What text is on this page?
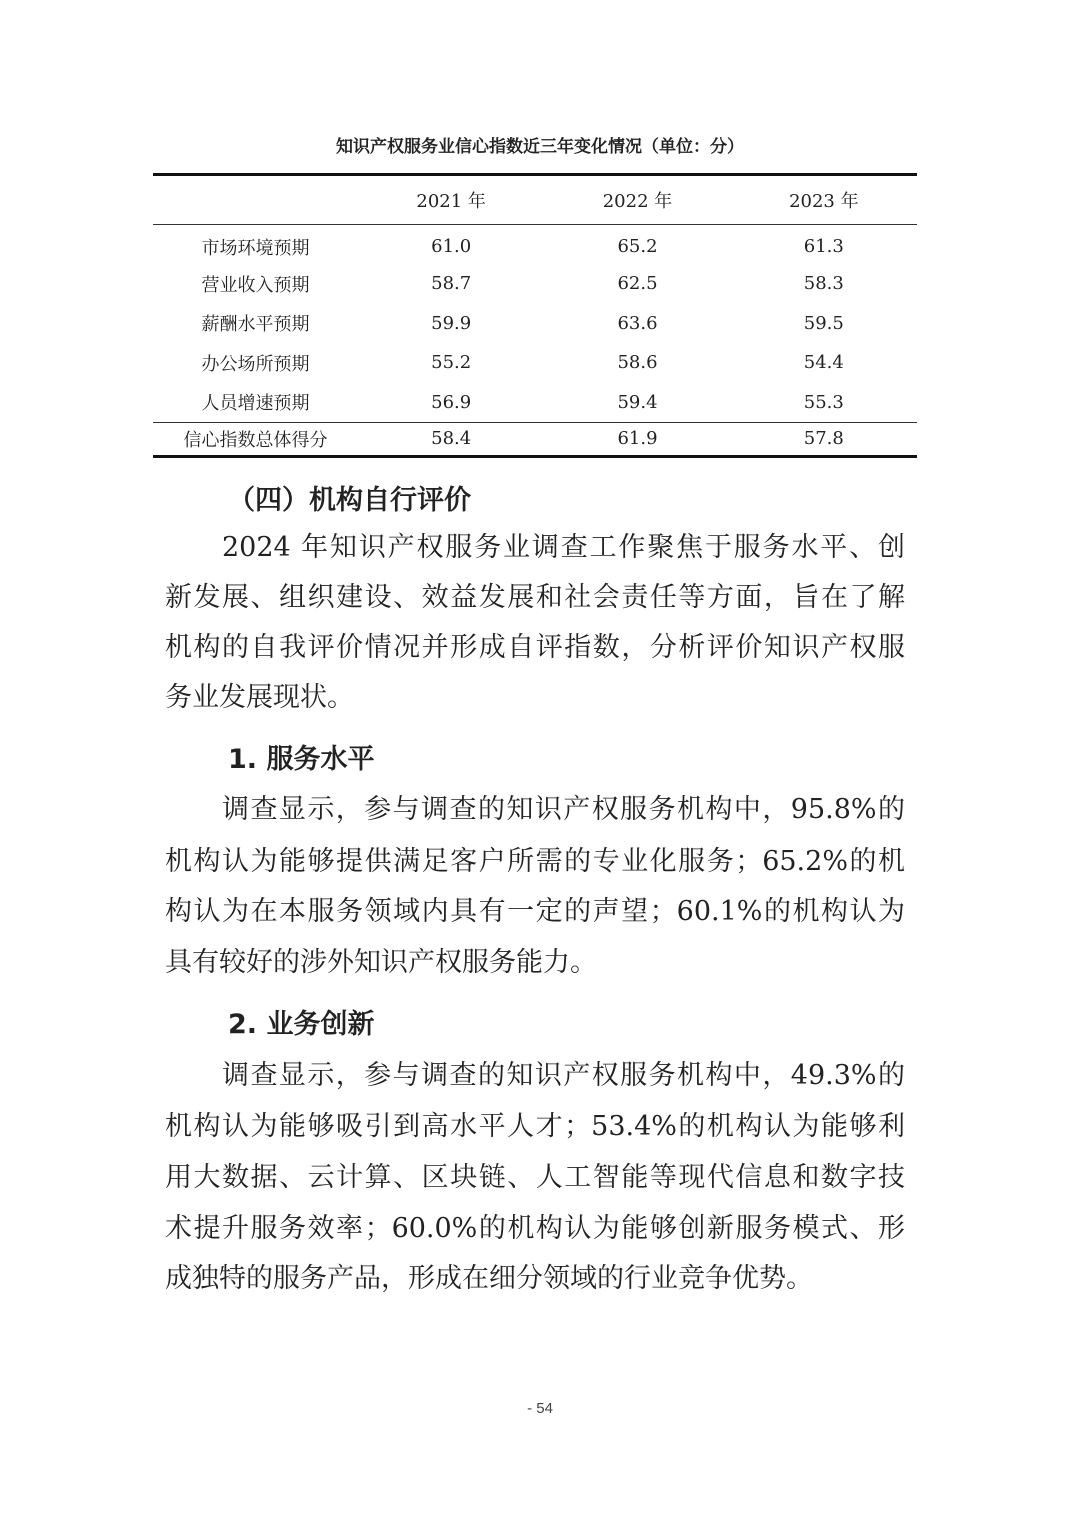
知识产权服务业信心指数近三年变化情况（单位：分）
	2021 年	2022 年	2023 年
市场环境预期	61.0	65.2	61.3
营业收入预期	58.7	62.5	58.3
薪酬水平预期	59.9	63.6	59.5
办公场所预期	55.2	58.6	54.4
人员增速预期	56.9	59.4	55.3
信心指数总体得分	58.4	61.9	57.8
（四）机构自行评价
2024 年知识产权服务业调查工作聚焦于服务水平、创
新发展、组织建设、效益发展和社会责任等方面，旨在了解
机构的自我评价情况并形成自评指数，分析评价知识产权服
务业发展现状。
1. 服务水平
调查显示，参与调查的知识产权服务机构中，95.8%的
机构认为能够提供满足客户所需的专业化服务；65.2%的机
构认为在本服务领域内具有一定的声望；60.1%的机构认为
具有较好的涉外知识产权服务能力。
2. 业务创新
调查显示，参与调查的知识产权服务机构中，49.3%的
机构认为能够吸引到高水平人才；53.4%的机构认为能够利
用大数据、云计算、区块链、人工智能等现代信息和数字技
术提升服务效率；60.0%的机构认为能够创新服务模式、形
成独特的服务产品，形成在细分领域的行业竞争优势。
- 54
